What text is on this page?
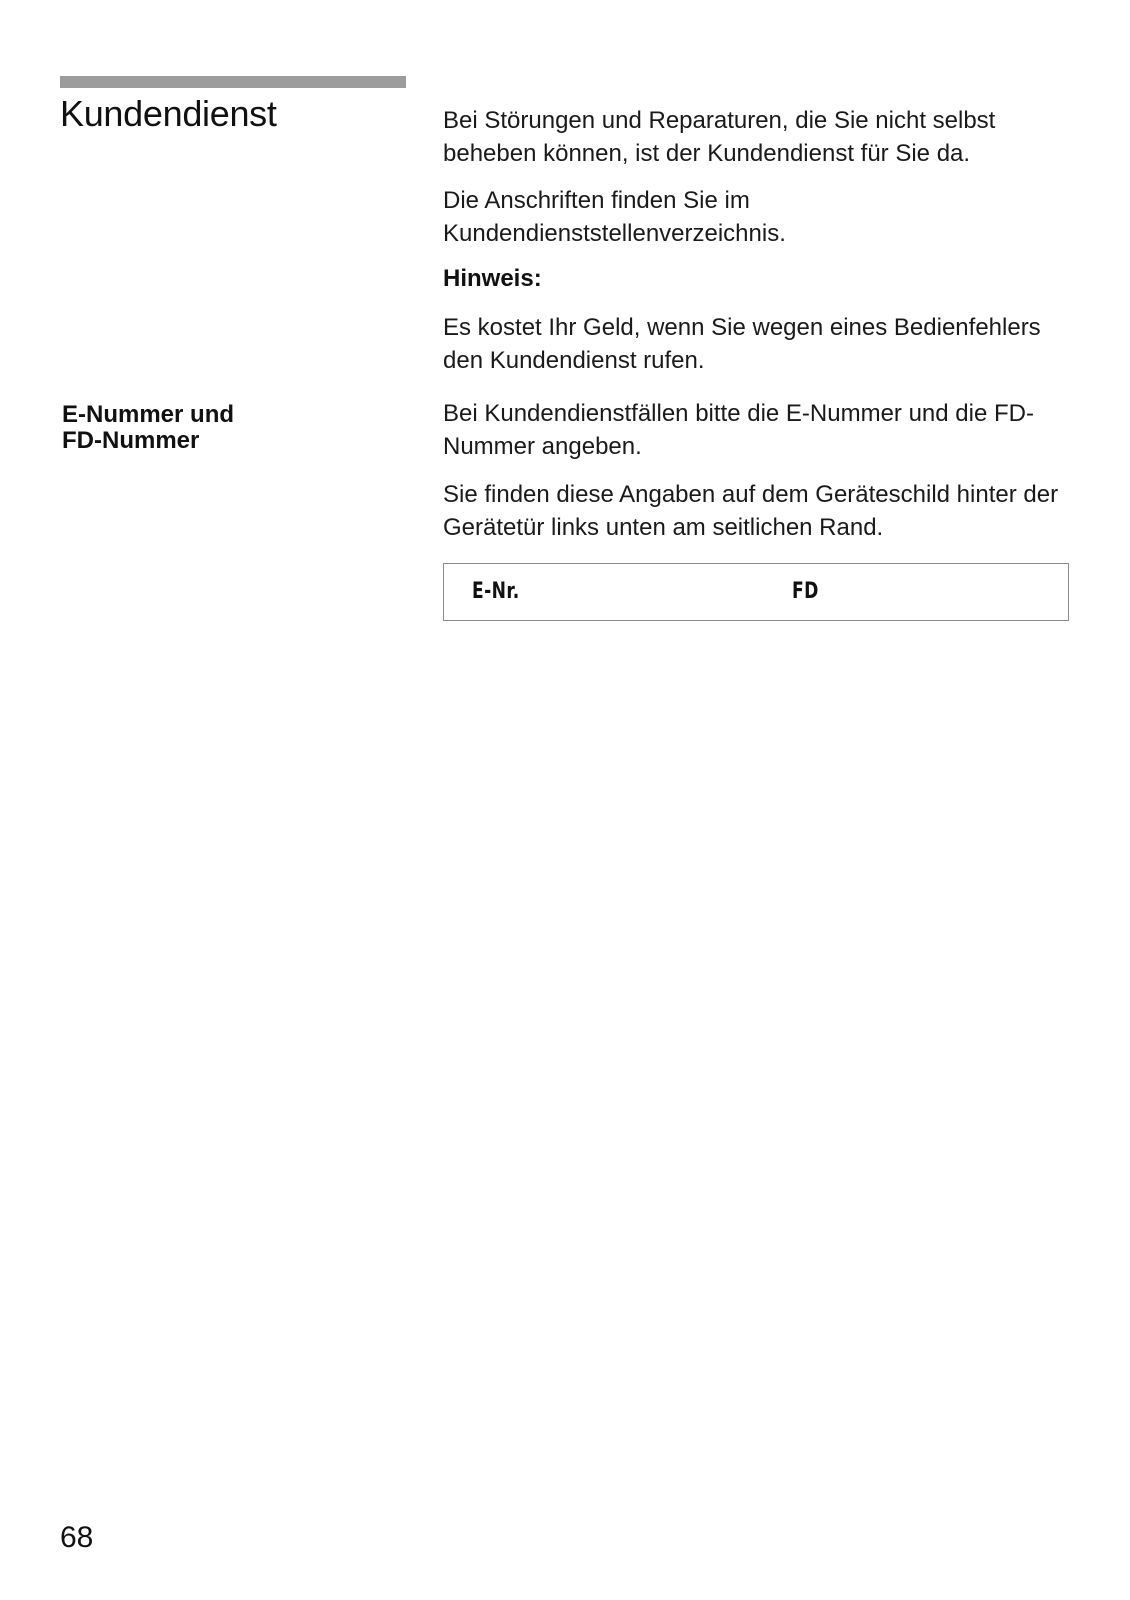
Kundendienst	Bei Störungen und Reparaturen, die Sie nicht selbst beheben können, ist der Kundendienst für Sie da.

Die Anschriften finden Sie im Kundendienststellenverzeichnis.

Hinweis:

Es kostet Ihr Geld, wenn Sie wegen eines Bedienfehlers den Kundendienst rufen.

E-Nummer und
FD-Nummer

Bei Kundendienstfällen bitte die E-Nummer und die FD-Nummer angeben.

Sie finden diese Angaben auf dem Geräteschild hinter der Gerätetür links unten am seitlichen Rand.

E-Nr.	FD

68
